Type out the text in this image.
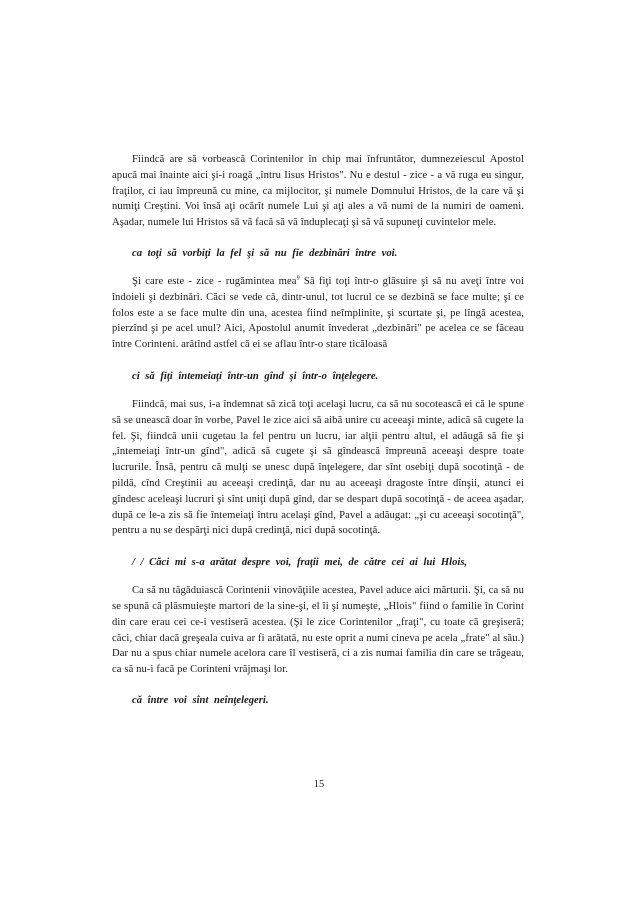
Fiindcă are să vorbească Corintenilor în chip mai înfruntător, dumnezeiescul Apostol apucă mai înainte aici şi-i roagă „întru Iisus Hristos". Nu e destul - zice - a vă ruga eu singur, fraţilor, ci iau împreună cu mine, ca mijlocitor, şi numele Domnului Hristos, de la care vă şi numiţi Creştini. Voi însă aţi ocărît numele Lui şi aţi ales a vă numi de la numiri de oameni. Aşadar, numele lui Hristos să vă facă să vă înduplecaţi şi să vă supuneţi cuvintelor mele.

ca toţi să vorbiţi la fel şi să nu fie dezbinări între voi.

Şi care este - zice - rugămintea mea$^9$ Să fiţi toţi într-o glăsuire şi să nu aveţi între voi îndoieli şi dezbinări. Căci se vede că, dintr-unul, tot lucrul ce se dezbină se face multe; şi ce folos este a se face multe din una, acestea fiind neîmplinite, şi scurtate şi, pe lîngă acestea, pierzînd şi pe acel unul? Aici, Apostolul anumit învederat „dezbinări" pe acelea ce se făceau între Corinteni. arătînd astfel că ei se aflau într-o stare ticăloasă

ci să fiţi întemeiaţi într-un gînd şi într-o înţelegere.

Fiindcă, mai sus, i-a îndemnat să zică toţi acelaşi lucru, ca să nu socotească ei că le spune să se unească doar în vorbe, Pavel le zice aici să aibă unire cu aceeaşi minte, adică să cugete la fel. Şi, fiindcă unii cugetau la fel pentru un lucru, iar alţii pentru altul, el adăugă să fie şi „întemeiaţi într-un gînd", adică să cugete şi să gîndească împreună aceeaşi despre toate lucrurile. Însă, pentru că mulţi se unesc după înţelegere, dar sînt osebiţi după socotinţă - de pildă, cînd Creştinii au aceeaşi credinţă, dar nu au aceeaşi dragoste între dînşii, atunci ei gîndesc aceleaşi lucruri şi sînt uniţi după gînd, dar se despart după socotinţă - de aceea aşadar, după ce le-a zis să fie întemeiaţi întru acelaşi gînd, Pavel a adăugat: „şi cu aceeaşi socotinţă", pentru a nu se despărţi nici după credinţă, nici după socotinţă.

/ / Căci mi s-a arătat despre voi, fraţii mei, de către cei ai lui Hlois,

Ca să nu tăgăduiască Corintenii vinovăţiile acestea, Pavel aduce aici mărturii. Şi, ca să nu se spună că plăsmuieşte martori de la sine-şi, el îi şi numeşte, „Hlois" fiind o familie în Corint din care erau cei ce-i vestiseră acestea. (Şi le zice Corintenilor „fraţi", cu toate că greşiseră; căci, chiar dacă greşeala cuiva ar fi arătată, nu este oprit a numi cineva pe acela „frate" al său.) Dar nu a spus chiar numele acelora care îl vestiseră, ci a zis numai familia din care se trăgeau, ca să nu-i facă pe Corinteni vrăjmaşi lor.

că între voi sînt neînţelegeri.

15
